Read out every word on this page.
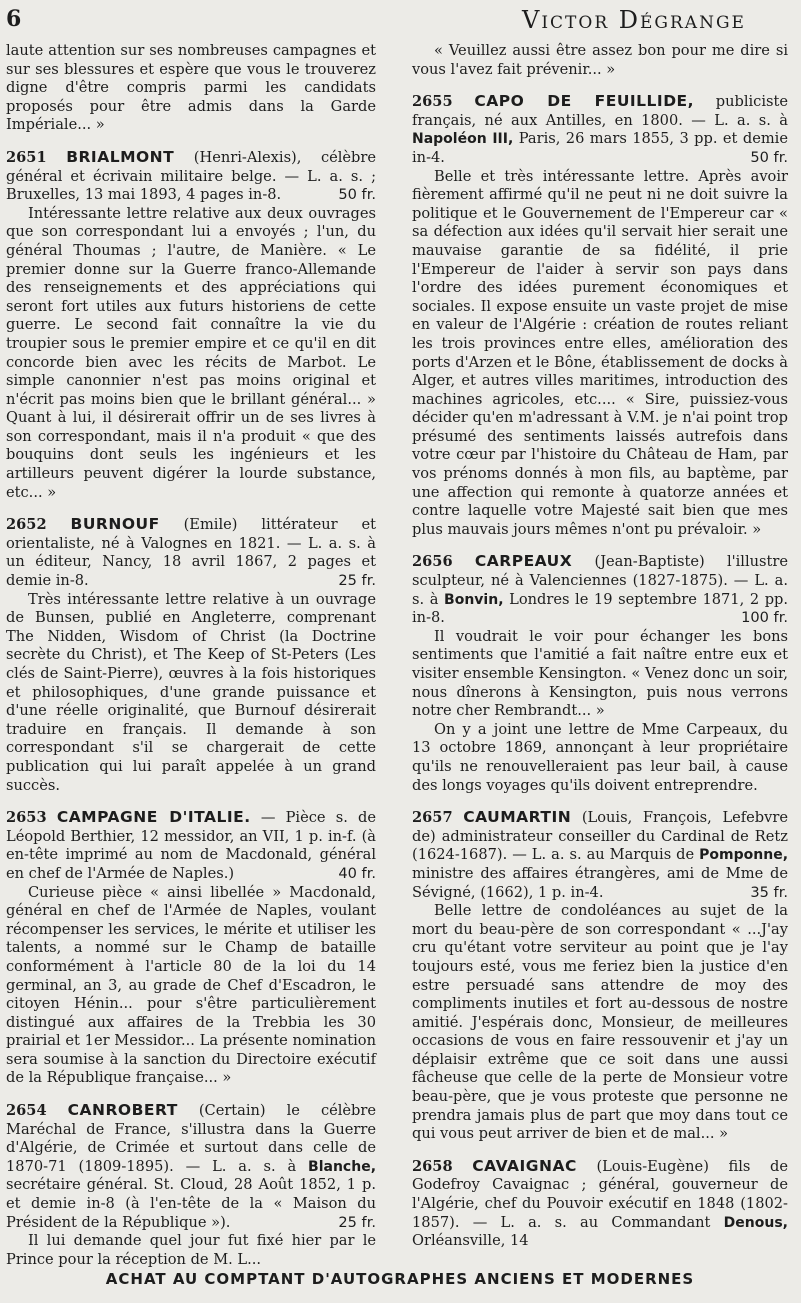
6	Victor Dégrange

laute attention sur ses nombreuses campagnes et sur ses blessures et espère que vous le trouverez digne d'être compris parmi les candidats proposés pour être admis dans la Garde Impériale... »

2651 BRIALMONT (Henri-Alexis), célèbre général et écrivain militaire belge. — L. a. s. ; Bruxelles, 13 mai 1893, 4 pages in-8.	50 fr.

Intéressante lettre relative aux deux ouvrages que son correspondant lui a envoyés ; l'un, du général Thoumas ; l'autre, de Manière. « Le premier donne sur la Guerre franco-Allemande des renseignements et des appréciations qui seront fort utiles aux futurs historiens de cette guerre. Le second fait connaître la vie du troupier sous le premier empire et ce qu'il en dit concorde bien avec les récits de Marbot. Le simple canonnier n'est pas moins original et n'écrit pas moins bien que le brillant général... » Quant à lui, il désirerait offrir un de ses livres à son correspondant, mais il n'a produit « que des bouquins dont seuls les ingénieurs et les artilleurs peuvent digérer la lourde substance, etc... »

2652 BURNOUF (Emile) littérateur et orientaliste, né à Valognes en 1821. — L. a. s. à un éditeur, Nancy, 18 avril 1867, 2 pages et demie in-8.	25 fr.

Très intéressante lettre relative à un ouvrage de Bunsen, publié en Angleterre, comprenant The Nidden, Wisdom of Christ (la Doctrine secrète du Christ), et The Keep of St-Peters (Les clés de Saint-Pierre), œuvres à la fois historiques et philosophiques, d'une grande puissance et d'une réelle originalité, que Burnouf désirerait traduire en français. Il demande à son correspondant s'il se chargerait de cette publication qui lui paraît appelée à un grand succès.

2653 CAMPAGNE D'ITALIE. — Pièce s. de Léopold Berthier, 12 messidor, an VII, 1 p. in-f. (à en-tête imprimé au nom de Macdonald, général en chef de l'Armée de Naples.)	40 fr.

Curieuse pièce « ainsi libellée » Macdonald, général en chef de l'Armée de Naples, voulant récompenser les services, le mérite et utiliser les talents, a nommé sur le Champ de bataille conformément à l'article 80 de la loi du 14 germinal, an 3, au grade de Chef d'Escadron, le citoyen Hénin... pour s'être particulièrement distingué aux affaires de la Trebbia les 30 prairial et 1er Messidor... La présente nomination sera soumise à la sanction du Directoire exécutif de la République française... »

2654 CANROBERT (Certain) le célèbre Maréchal de France, s'illustra dans la Guerre d'Algérie, de Crimée et surtout dans celle de 1870-71 (1809-1895). — L. a. s. à Blanche, secrétaire général. St. Cloud, 28 Août 1852, 1 p. et demie in-8 (à l'en-tête de la « Maison du Président de la République »).	25 fr.

Il lui demande quel jour fut fixé hier par le Prince pour la réception de M. L...

« Veuillez aussi être assez bon pour me dire si vous l'avez fait prévenir... »

2655 CAPO DE FEUILLIDE, publiciste français, né aux Antilles, en 1800. — L. a. s. à Napoléon III, Paris, 26 mars 1855, 3 pp. et demie in-4.	50 fr.

Belle et très intéressante lettre. Après avoir fièrement affirmé qu'il ne peut ni ne doit suivre la politique et le Gouvernement de l'Empereur car « sa défection aux idées qu'il servait hier serait une mauvaise garantie de sa fidélité, il prie l'Empereur de l'aider à servir son pays dans l'ordre des idées purement économiques et sociales. Il expose ensuite un vaste projet de mise en valeur de l'Algérie : création de routes reliant les trois provinces entre elles, amélioration des ports d'Arzen et le Bône, établissement de docks à Alger, et autres villes maritimes, introduction des machines agricoles, etc.... « Sire, puissiez-vous décider qu'en m'adressant à V.M. je n'ai point trop présumé des sentiments laissés autrefois dans votre cœur par l'histoire du Château de Ham, par vos prénoms donnés à mon fils, au baptème, par une affection qui remonte à quatorze années et contre laquelle votre Majesté sait bien que mes plus mauvais jours mêmes n'ont pu prévaloir. »

2656 CARPEAUX (Jean-Baptiste) l'illustre sculpteur, né à Valenciennes (1827-1875). — L. a. s. à Bonvin, Londres le 19 septembre 1871, 2 pp. in-8.	100 fr.

Il voudrait le voir pour échanger les bons sentiments que l'amitié a fait naître entre eux et visiter ensemble Kensington. « Venez donc un soir, nous dînerons à Kensington, puis nous verrons notre cher Rembrandt... »

On y a joint une lettre de Mme Carpeaux, du 13 octobre 1869, annonçant à leur propriétaire qu'ils ne renouvelleraient pas leur bail, à cause des longs voyages qu'ils doivent entreprendre.

2657 CAUMARTIN (Louis, François, Lefebvre de) administrateur conseiller du Cardinal de Retz (1624-1687). — L. a. s. au Marquis de Pomponne, ministre des affaires étrangères, ami de Mme de Sévigné, (1662), 1 p. in-4.	35 fr.

Belle lettre de condoléances au sujet de la mort du beau-père de son correspondant « ...J'ay cru qu'étant votre serviteur au point que je l'ay toujours esté, vous me feriez bien la justice d'en estre persuadé sans attendre de moy des compliments inutiles et fort au-dessous de nostre amitié. J'espérais donc, Monsieur, de meilleures occasions de vous en faire ressouvenir et j'ay un déplaisir extrême que ce soit dans une aussi fâcheuse que celle de la perte de Monsieur votre beau-père, que je vous proteste que personne ne prendra jamais plus de part que moy dans tout ce qui vous peut arriver de bien et de mal... »

2658 CAVAIGNAC (Louis-Eugène) fils de Godefroy Cavaignac ; général, gouverneur de l'Algérie, chef du Pouvoir exécutif en 1848 (1802-1857). — L. a. s. au Commandant Denous, Orléansville, 14

ACHAT AU COMPTANT D'AUTOGRAPHES ANCIENS ET MODERNES
